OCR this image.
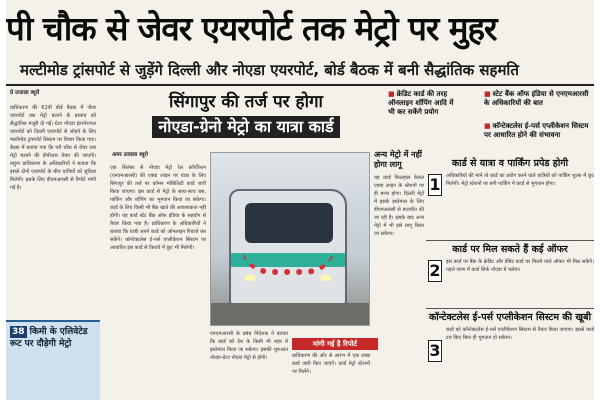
पी चौक से जेवर एयरपोर्ट तक मेट्रो पर मुहर
मल्टीमोड ट्रांसपोर्ट से जुड़ेंगे दिल्ली और नोएडा एयरपोर्ट, बोर्ड बैठक में बनी सैद्धांतिक सहमति
प्रे उजाला ब्यूरो
प्राधिकरण की 62वीं बोर्ड बैठक में जेवर एयरपोर्ट तक मेट्रो चलाने के प्रस्ताव को सैद्धांतिक मंजूरी दी गई। ग्रेटर नोएडा इंटरनेशनल एयरपोर्ट को दिल्ली एयरपोर्ट से जोड़ने के लिए मल्टीमोड ट्रांसपोर्ट सिस्टम पर विचार किया गया। बैठक में बताया गया कि परी चौक से जेवर तक मेट्रो चलाने की डीपीआर तैयार की जाएगी। यमुना प्राधिकरण के अधिकारियों ने बताया कि इससे दोनों एयरपोर्ट के बीच यात्रियों को सुविधा मिलेगी। इसके लिए डीएमआरसी से रिपोर्ट मांगी गई है।
38 किमी के एलिवेटेड रूट पर दौड़ेगी मेट्रो
सिंगापुर की तर्ज पर होगा
नोएडा-ग्रेनो मेट्रो का यात्रा कार्ड
अमर उजाला ब्यूरो
एक सितंबर से नोएडा मेट्रो रेल कॉर्पोरेशन (एनएमआरसी) की एक्वा लाइन पर यात्रा के लिए सिंगापुर की तर्ज पर कॉमन मोबिलिटी कार्ड जारी किया जाएगा। इस कार्ड से मेट्रो के साथ-साथ बस, पार्किंग और शॉपिंग का भुगतान किया जा सकेगा। कार्ड के लिए किसी भी बैंक खाते की आवश्यकता नहीं होगी। यह कार्ड स्टेट बैंक ऑफ इंडिया के सहयोग से तैयार किया गया है। प्राधिकरण के अधिकारियों ने बताया कि यात्री अपने कार्ड को ऑनलाइन रिचार्ज कर सकेंगे। कॉन्टेक्टलेस ई-पर्स एप्लीकेशन सिस्टम पर आधारित इस कार्ड से किराये में छूट भी मिलेगी।
एनएमआरसी के प्रबंध निदेशक ने बताया कि कार्ड को देश के किसी भी शहर में इस्तेमाल किया जा सकेगा। इसकी शुरुआत नोएडा-ग्रेटर नोएडा मेट्रो से होगी।	प्राधिकरण की ओर से आरंभ में एक लाख कार्ड जारी किए जाएंगे। कार्ड मेट्रो स्टेशनों पर मिलेंगे।
मांगी गई है रिपोर्ट
अन्य मेट्रो में नहीं होगा लागू
यह कार्ड फिलहाल केवल एक्वा लाइन के स्टेशनों पर ही मान्य होगा। दिल्ली मेट्रो में इसके इस्तेमाल के लिए डीएमआरसी से बातचीत की जा रही है। इसके बाद अन्य मेट्रो में भी इसे लागू किया जा सकेगा।
■ क्रेडिट कार्ड की तरह ऑनलाइन शॉपिंग आदि में भी कर सकेंगे प्रयोग
■ स्टेट बैंक ऑफ इंडिया से एनएमआरसी के अधिकारियों की बात
■ कॉन्टेक्टलेस ई-पर्स एप्लीकेशन सिस्टम पर आधारित होने की संभावना
कार्ड से यात्रा व पार्किंग प्रपेड होगी
अधिकारियों की मानें तो कार्ड का प्रयोग करने वाले यात्रियों को पार्किंग शुल्क में छूट मिलेगी। मेट्रो स्टेशनों पर बनी पार्किंग में कार्ड से भुगतान होगा।
1
कार्ड पर मिल सकते हैं कई ऑफर
इस कार्ड पर बैंक के क्रेडिट और डेबिट कार्ड पर मिलने वाले ऑफर भी मिल सकेंगे। पहले चरण में कार्ड सिर्फ नोएडा में चलेगा।
2
कॉन्टेक्टलेस ई-पर्स एप्लीकेशन सिस्टम की खूबी
कार्ड को कॉन्टेक्टलेस ई-पर्स एप्लीकेशन सिस्टम से तैयार किया जाएगा। इससे कार्ड टच किए बिना ही भुगतान हो सकेगा।
3
